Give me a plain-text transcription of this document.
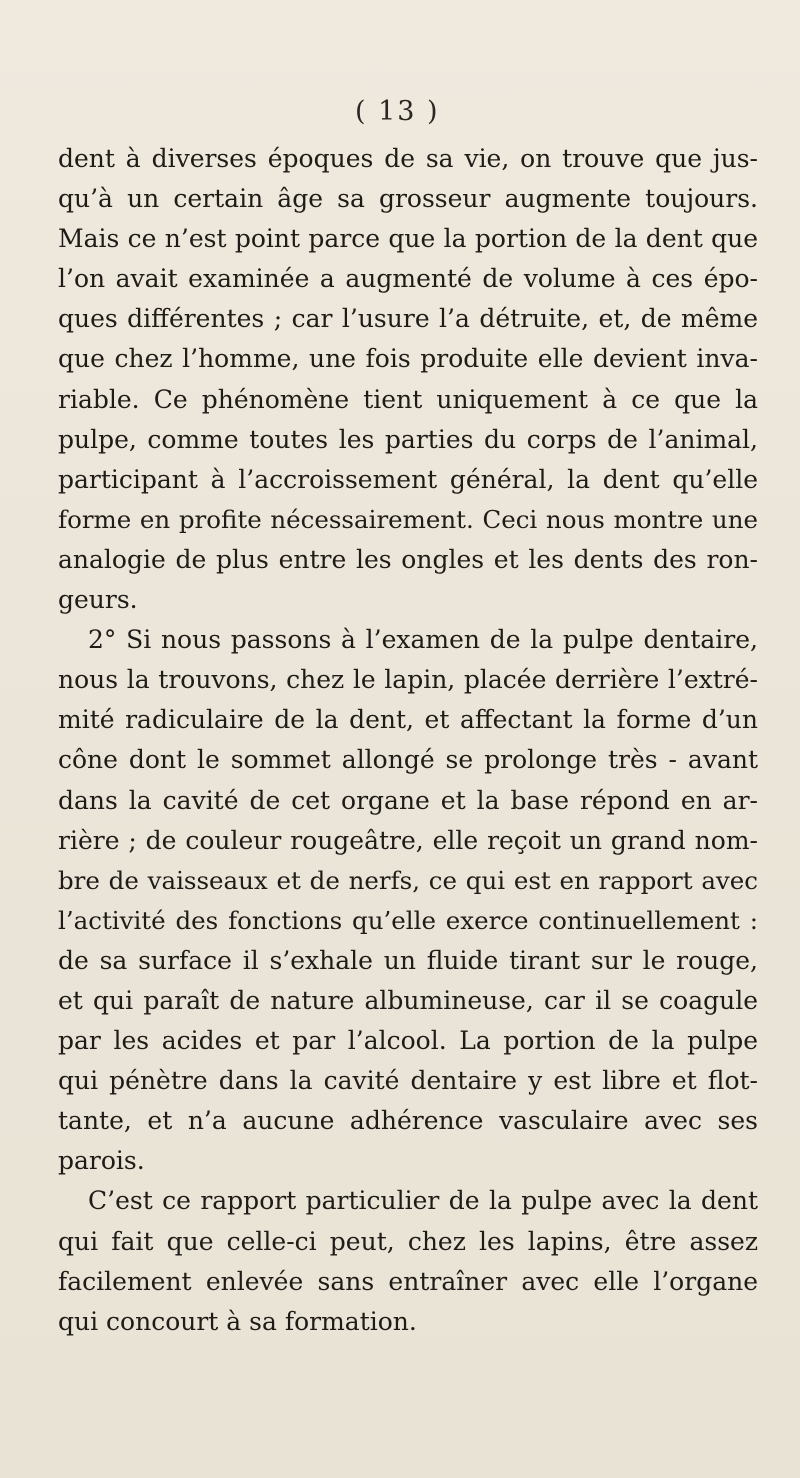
( 13 )
dent à diverses époques de sa vie, on trouve que jus-
qu’à un certain âge sa grosseur augmente toujours.
Mais ce n’est point parce que la portion de la dent que
l’on avait examinée a augmenté de volume à ces épo-
ques différentes ; car l’usure l’a détruite, et, de même
que chez l’homme, une fois produite elle devient inva-
riable. Ce phénomène tient uniquement à ce que la
pulpe, comme toutes les parties du corps de l’animal,
participant à l’accroissement général, la dent qu’elle
forme en profite nécessairement. Ceci nous montre une
analogie de plus entre les ongles et les dents des ron-
geurs.
2° Si nous passons à l’examen de la pulpe dentaire,
nous la trouvons, chez le lapin, placée derrière l’extré-
mité radiculaire de la dent, et affectant la forme d’un
cône dont le sommet allongé se prolonge très - avant
dans la cavité de cet organe et la base répond en ar-
rière ; de couleur rougeâtre, elle reçoit un grand nom-
bre de vaisseaux et de nerfs, ce qui est en rapport avec
l’activité des fonctions qu’elle exerce continuellement :
de sa surface il s’exhale un fluide tirant sur le rouge,
et qui paraît de nature albumineuse, car il se coagule
par les acides et par l’alcool. La portion de la pulpe
qui pénètre dans la cavité dentaire y est libre et flot-
tante, et n’a aucune adhérence vasculaire avec ses
parois.
C’est ce rapport particulier de la pulpe avec la dent
qui fait que celle-ci peut, chez les lapins, être assez
facilement enlevée sans entraîner avec elle l’organe
qui concourt à sa formation.
